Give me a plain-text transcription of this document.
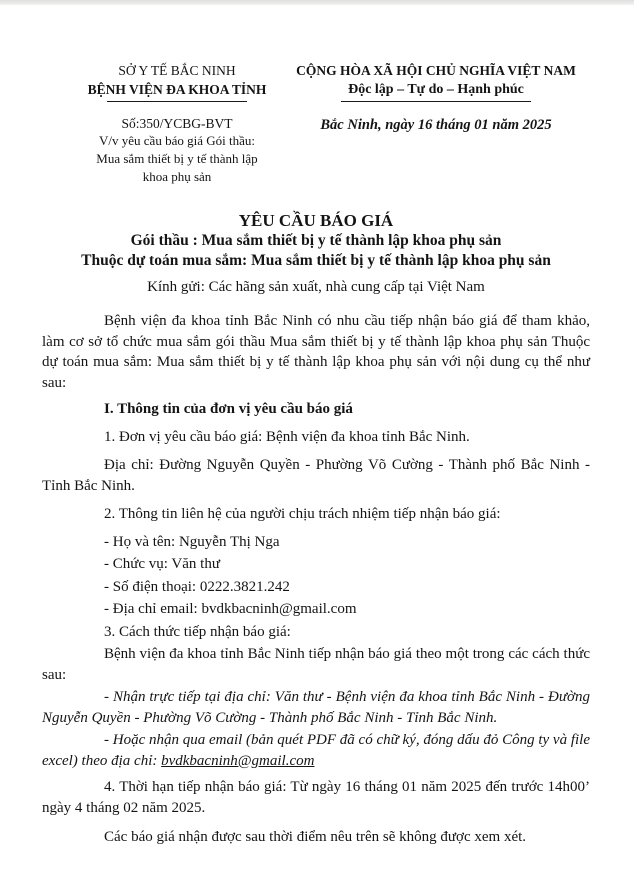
SỞ Y TẾ BẮC NINH
BỆNH VIỆN ĐA KHOA TỈNH
Số:350/YCBG-BVT
V/v yêu cầu báo giá Gói thầu:
Mua sắm thiết bị y tế thành lập
khoa phụ sản
CỘNG HÒA XÃ HỘI CHỦ NGHĨA VIỆT NAM
Độc lập – Tự do – Hạnh phúc
Bắc Ninh, ngày 16 tháng 01 năm 2025
YÊU CẦU BÁO GIÁ
Gói thầu : Mua sắm thiết bị y tế thành lập khoa phụ sản
Thuộc dự toán mua sắm: Mua sắm thiết bị y tế thành lập khoa phụ sản
Kính gửi: Các hãng sản xuất, nhà cung cấp tại Việt Nam

Bệnh viện đa khoa tỉnh Bắc Ninh có nhu cầu tiếp nhận báo giá để tham khảo, làm cơ sở tổ chức mua sắm gói thầu Mua sắm thiết bị y tế thành lập khoa phụ sản Thuộc dự toán mua sắm: Mua sắm thiết bị y tế thành lập khoa phụ sản với nội dung cụ thể như sau:

I. Thông tin của đơn vị yêu cầu báo giá

1. Đơn vị yêu cầu báo giá: Bệnh viện đa khoa tỉnh Bắc Ninh.

Địa chỉ: Đường Nguyễn Quyền - Phường Võ Cường - Thành phố Bắc Ninh - Tỉnh Bắc Ninh.

2. Thông tin liên hệ của người chịu trách nhiệm tiếp nhận báo giá:

- Họ và tên: Nguyễn Thị Nga

- Chức vụ: Văn thư

- Số điện thoại: 0222.3821.242

- Địa chỉ email: bvdkbacninh@gmail.com

3. Cách thức tiếp nhận báo giá:

Bệnh viện đa khoa tỉnh Bắc Ninh tiếp nhận báo giá theo một trong các cách thức sau:

- Nhận trực tiếp tại địa chỉ: Văn thư - Bệnh viện đa khoa tỉnh Bắc Ninh - Đường Nguyễn Quyền - Phường Võ Cường - Thành phố Bắc Ninh - Tỉnh Bắc Ninh.

- Hoặc nhận qua email (bản quét PDF đã có chữ ký, đóng dấu đỏ Công ty và file excel) theo địa chỉ: bvdkbacninh@gmail.com

4. Thời hạn tiếp nhận báo giá: Từ ngày 16 tháng 01 năm 2025 đến trước 14h00’ ngày 4 tháng 02 năm 2025.

Các báo giá nhận được sau thời điểm nêu trên sẽ không được xem xét.
